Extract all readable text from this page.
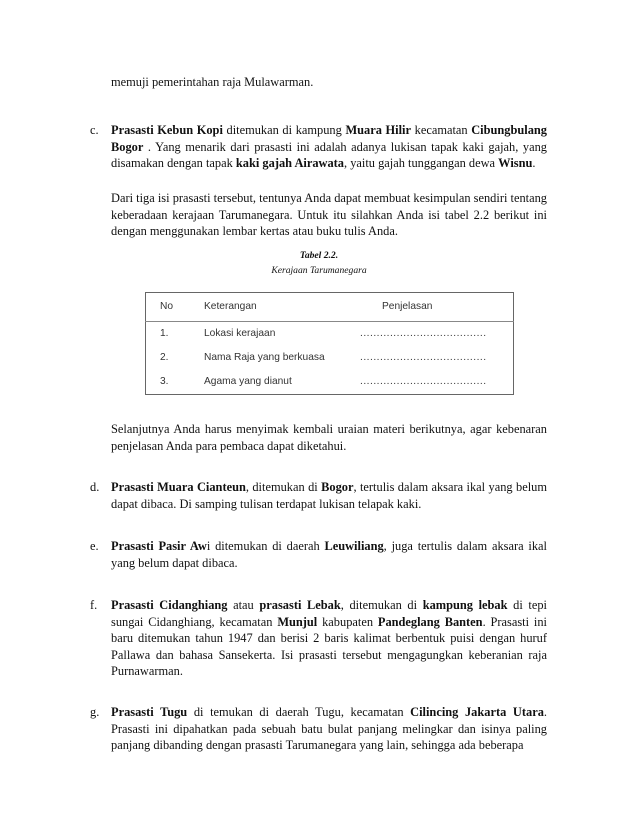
memuji pemerintahan raja Mulawarman.
c. Prasasti Kebun Kopi ditemukan di kampung Muara Hilir kecamatan Cibungbulang Bogor . Yang menarik dari prasasti ini adalah adanya lukisan tapak kaki gajah, yang disamakan dengan tapak kaki gajah Airawata, yaitu gajah tunggangan dewa Wisnu.
Dari tiga isi prasasti tersebut, tentunya Anda dapat membuat kesimpulan sendiri tentang keberadaan kerajaan Tarumanegara. Untuk itu silahkan Anda isi tabel 2.2 berikut ini dengan menggunakan lembar kertas atau buku tulis Anda.
Tabel 2.2.
Kerajaan Tarumanegara
No	Keterangan	Penjelasan
1.	Lokasi kerajaan	......................................
2.	Nama Raja yang berkuasa	......................................
3.	Agama yang dianut	......................................
Selanjutnya Anda harus menyimak kembali uraian materi berikutnya, agar kebenaran penjelasan Anda para pembaca dapat diketahui.
d. Prasasti Muara Cianteun, ditemukan di Bogor, tertulis dalam aksara ikal yang belum dapat dibaca. Di samping tulisan terdapat lukisan telapak kaki.
e. Prasasti Pasir Awi ditemukan di daerah Leuwiliang, juga tertulis dalam aksara ikal yang belum dapat dibaca.
f.	Prasasti Cidanghiang atau prasasti Lebak, ditemukan di kampung lebak di tepi sungai Cidanghiang, kecamatan Munjul kabupaten Pandeglang Banten. Prasasti ini baru ditemukan tahun 1947 dan berisi 2 baris kalimat berbentuk puisi dengan huruf Pallawa dan bahasa Sansekerta. Isi prasasti tersebut mengagungkan keberanian raja Purnawarman.
g. Prasasti Tugu di temukan di daerah Tugu, kecamatan Cilincing Jakarta Utara. Prasasti ini dipahatkan pada sebuah batu bulat panjang melingkar dan isinya paling panjang dibanding dengan prasasti Tarumanegara yang lain, sehingga ada beberapa
